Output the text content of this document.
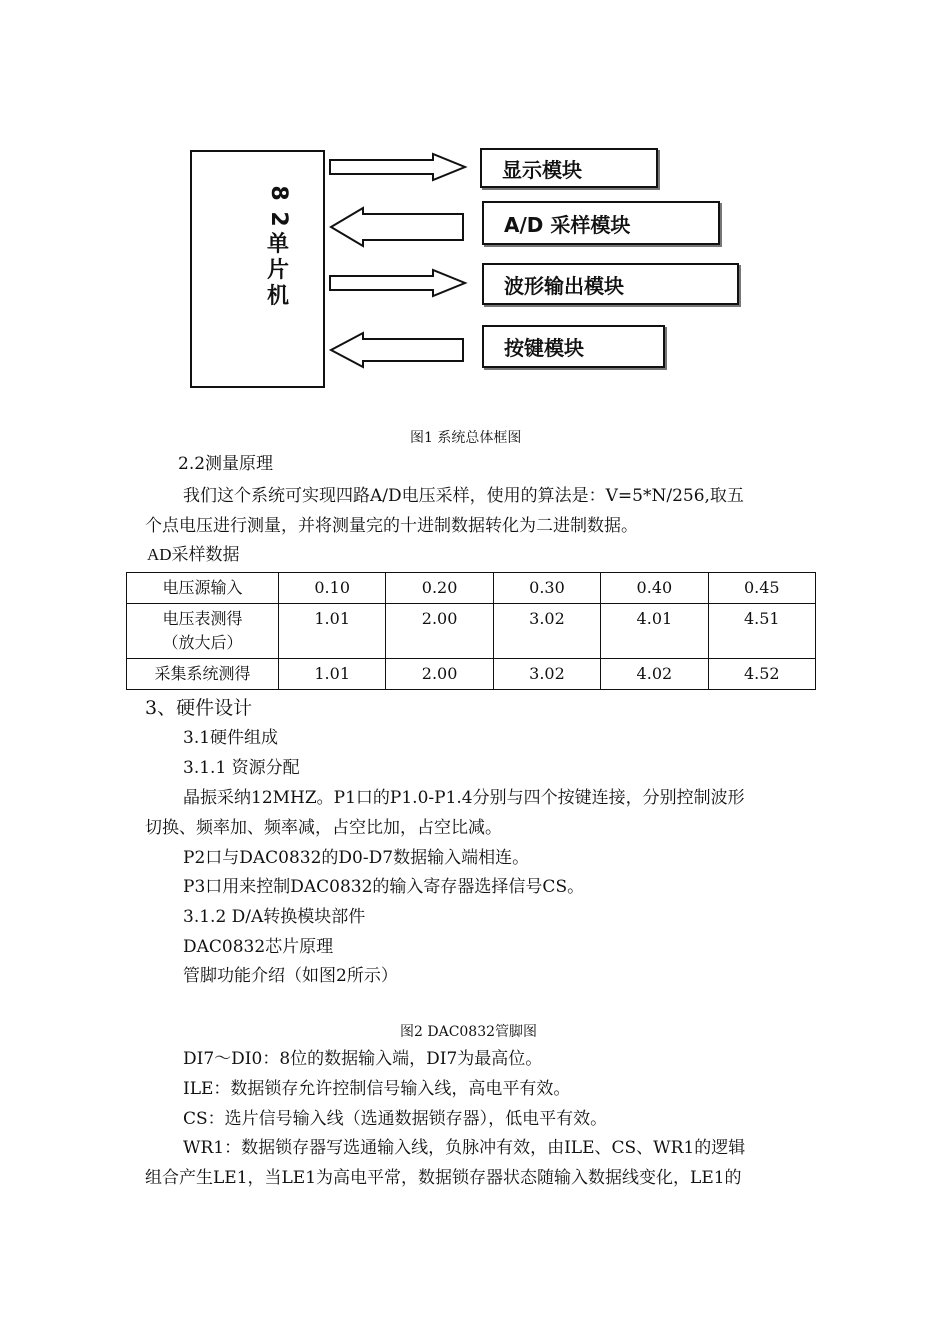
8
2
单
片
机
显示模块
A/D 采样模块
波形输出模块
按键模块
图1 系统总体框图
2.2测量原理
我们这个系统可实现四路A/D电压采样，使用的算法是：V=5*N/256,取五
个点电压进行测量，并将测量完的十进制数据转化为二进制数据。
AD采样数据
电压源输入	0.10	0.20	0.30	0.40	0.45

电压表测得
（放大后）	1.01	2.00	3.02	4.01	4.51
采集系统测得	1.01	2.00	3.02	4.02	4.52
3、硬件设计
3.1硬件组成
3.1.1 资源分配
晶振采纳12MHZ。P1口的P1.0-P1.4分别与四个按键连接，分别控制波形
切换、频率加、频率减，占空比加，占空比减。
P2口与DAC0832的D0-D7数据输入端相连。
P3口用来控制DAC0832的输入寄存器选择信号CS。
3.1.2 D/A转换模块部件
DAC0832芯片原理
管脚功能介绍（如图2所示）
图2 DAC0832管脚图
DI7～DI0：8位的数据输入端，DI7为最高位。
ILE：数据锁存允许控制信号输入线，高电平有效。
CS：选片信号输入线（选通数据锁存器），低电平有效。
WR1：数据锁存器写选通输入线，负脉冲有效，由ILE、CS、WR1的逻辑
组合产生LE1，当LE1为高电平常，数据锁存器状态随输入数据线变化，LE1的
